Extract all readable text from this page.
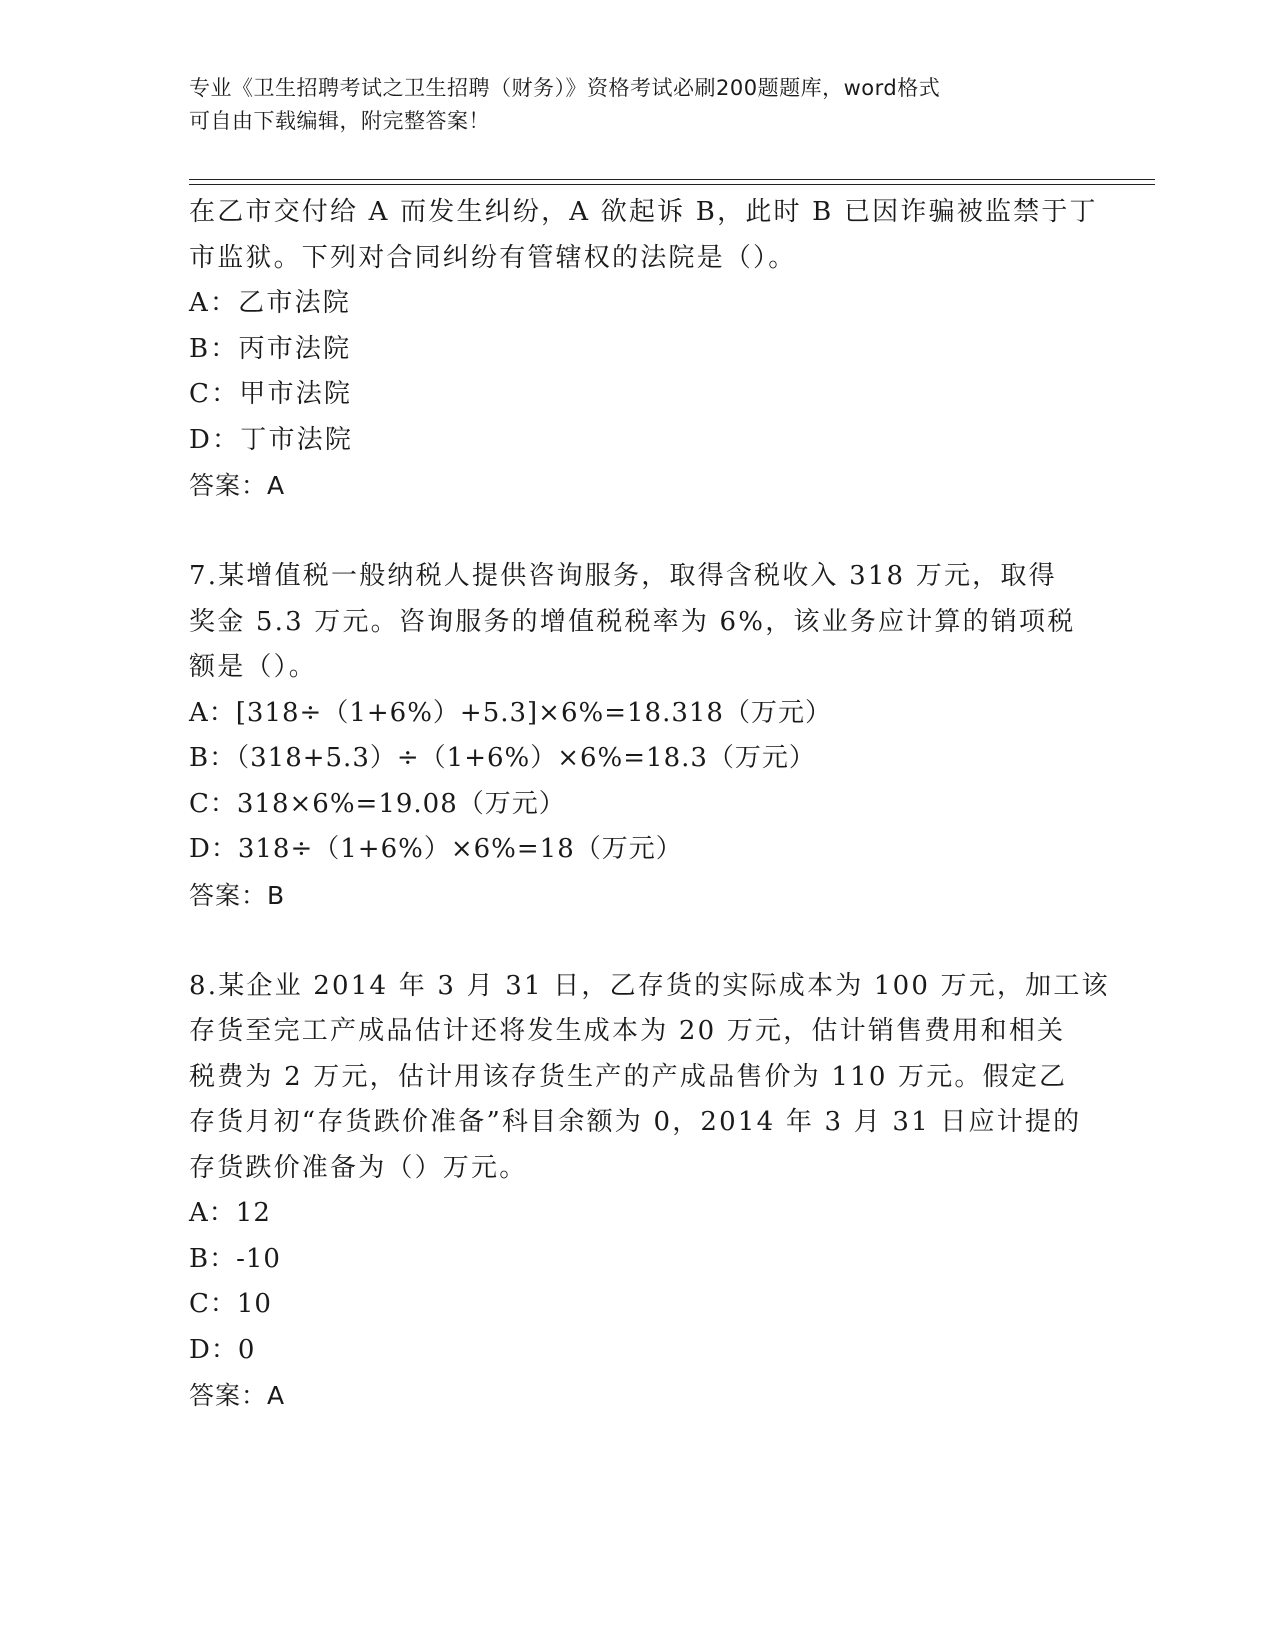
专业《卫生招聘考试之卫生招聘（财务）》资格考试必刷200题题库，word格式
可自由下载编辑，附完整答案！
在乙市交付给 A 而发生纠纷，A 欲起诉 B，此时 B 已因诈骗被监禁于丁
市监狱。下列对合同纠纷有管辖权的法院是（）。
A：乙市法院
B：丙市法院
C：甲市法院
D：丁市法院
答案：A
7.某增值税一般纳税人提供咨询服务，取得含税收入 318 万元，取得
奖金 5.3 万元。咨询服务的增值税税率为 6%，该业务应计算的销项税
额是（）。
A：[318÷（1+6%）+5.3]×6%=18.318（万元）
B：（318+5.3）÷（1+6%）×6%=18.3（万元）
C：318×6%=19.08（万元）
D：318÷（1+6%）×6%=18（万元）
答案：B
8.某企业 2014 年 3 月 31 日，乙存货的实际成本为 100 万元，加工该
存货至完工产成品估计还将发生成本为 20 万元，估计销售费用和相关
税费为 2 万元，估计用该存货生产的产成品售价为 110 万元。假定乙
存货月初“存货跌价准备”科目余额为 0，2014 年 3 月 31 日应计提的
存货跌价准备为（）万元。
A：12
B：-10
C：10
D：0
答案：A
